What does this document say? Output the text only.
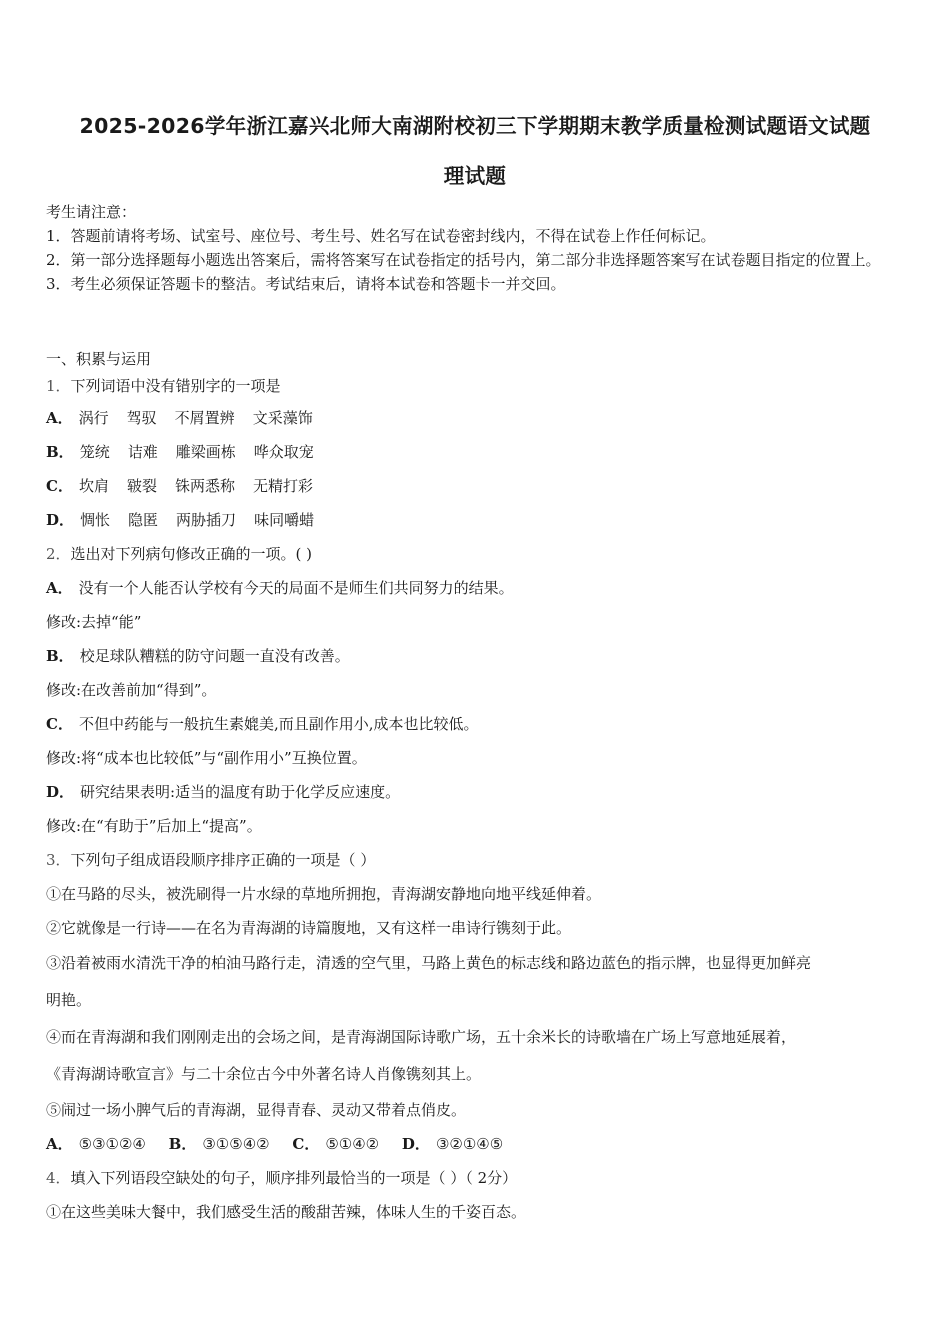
2025-2026学年浙江嘉兴北师大南湖附校初三下学期期末教学质量检测试题语文试题
理试题
考生请注意：
1．答题前请将考场、试室号、座位号、考生号、姓名写在试卷密封线内，不得在试卷上作任何标记。
2．第一部分选择题每小题选出答案后，需将答案写在试卷指定的括号内，第二部分非选择题答案写在试卷题目指定的位置上。
3．考生必须保证答题卡的整洁。考试结束后，请将本试卷和答题卡一并交回。
一、积累与运用
1．下列词语中没有错别字的一项是
A． 涡行 驾驭 不屑置辨 文采藻饰
B． 笼统 诘难 雕梁画栋 哗众取宠
C． 坎肩 皲裂 铢两悉称 无精打彩
D． 惆怅 隐匿 两胁插刀 味同嚼蜡
2．选出对下列病句修改正确的一项。( )
A． 没有一个人能否认学校有今天的局面不是师生们共同努力的结果。
修改:去掉“能”
B． 校足球队糟糕的防守问题一直没有改善。
修改:在改善前加“得到”。
C． 不但中药能与一般抗生素媲美,而且副作用小,成本也比较低。
修改:将“成本也比较低”与“副作用小”互换位置。
D． 研究结果表明:适当的温度有助于化学反应速度。
修改:在“有助于”后加上“提高”。
3．下列句子组成语段顺序排序正确的一项是（ ）
①在马路的尽头，被洗刷得一片水绿的草地所拥抱，青海湖安静地向地平线延伸着。
②它就像是一行诗——在名为青海湖的诗篇腹地，又有这样一串诗行镌刻于此。
③沿着被雨水清洗干净的柏油马路行走，清透的空气里，马路上黄色的标志线和路边蓝色的指示牌，也显得更加鲜亮
明艳。
④而在青海湖和我们刚刚走出的会场之间，是青海湖国际诗歌广场，五十余米长的诗歌墙在广场上写意地延展着，
《青海湖诗歌宣言》与二十余位古今中外著名诗人肖像镌刻其上。
⑤闹过一场小脾气后的青海湖，显得青春、灵动又带着点俏皮。
A． ⑤③①②④ B． ③①⑤④② C． ⑤①④② D． ③②①④⑤
4．填入下列语段空缺处的句子，顺序排列最恰当的一项是（ ）（ 2分）
①在这些美味大餐中，我们感受生活的酸甜苦辣，体味人生的千姿百态。
